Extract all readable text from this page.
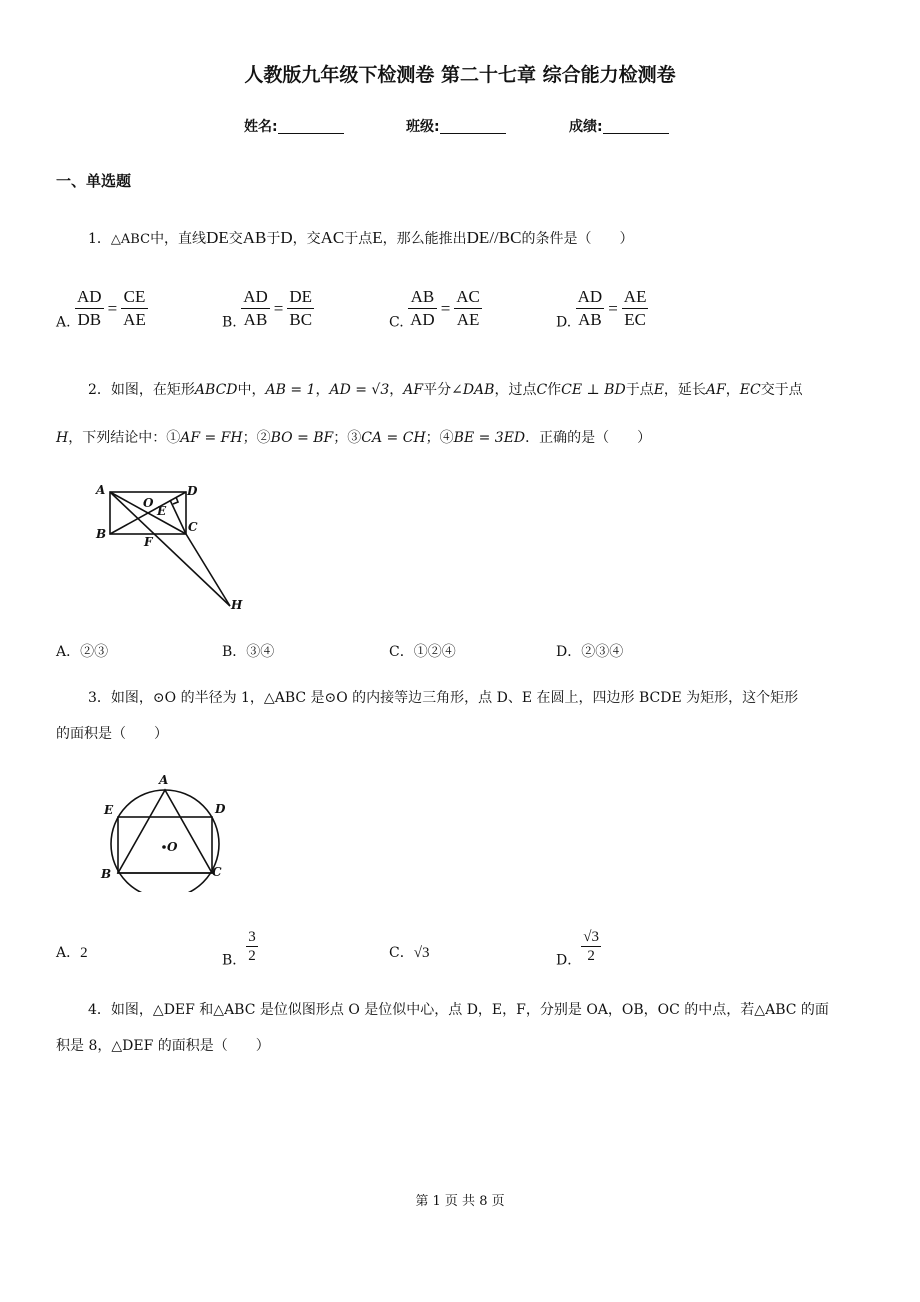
人教版九年级下检测卷 第二十七章 综合能力检测卷
姓名:	班级:	成绩:
一、单选题
1．△ABC中，直线DE交AB于D，交AC于点E，那么能推出DE//BC的条件是（　　）
A. $\frac{AD}{DB} = \frac{CE}{AE}$	B. $\frac{AD}{AB} = \frac{DE}{BC}$	C. $\frac{AB}{AD} = \frac{AC}{AE}$	D. $\frac{AD}{AB} = \frac{AE}{EC}$
2．如图，在矩形ABCD中，AB = 1，AD = √3，AF平分∠DAB，过点C作CE ⊥ BD于点E，延长AF，EC交于点
H，下列结论中：①AF = FH；②BO = BF；③CA = CH；④BE = 3ED．正确的是（　　）
A	D
O
E
B	C
F
H
A．②③	B．③④	C．①②④	D．②③④
3．如图，⊙O 的半径为 1，△ABC 是⊙O 的内接等边三角形，点 D、E 在圆上，四边形 BCDE 为矩形，这个矩形
的面积是（　　）
A
E	D
O
B	C
A．2	B． $\frac{3}{2}$	C．√3	D． $\frac{√3}{2}$
4．如图，△DEF 和△ABC 是位似图形点 O 是位似中心，点 D，E，F，分别是 OA，OB，OC 的中点，若△ABC 的面
积是 8，△DEF 的面积是（　　）
第 1 页 共 8 页
